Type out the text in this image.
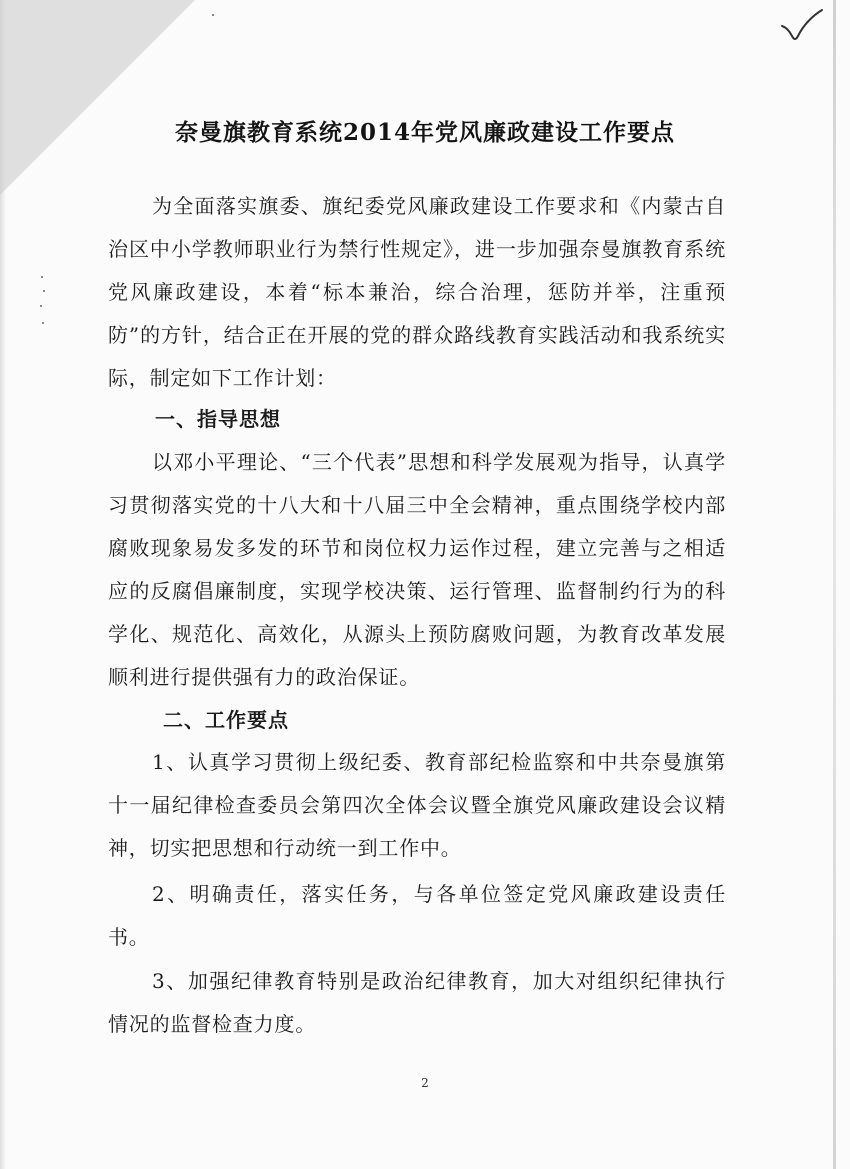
奈曼旗教育系统2014年党风廉政建设工作要点

为全面落实旗委、旗纪委党风廉政建设工作要求和《内蒙古自治区中小学教师职业行为禁行性规定》，进一步加强奈曼旗教育系统党风廉政建设，本着“标本兼治，综合治理，惩防并举，注重预防”的方针，结合正在开展的党的群众路线教育实践活动和我系统实际，制定如下工作计划：

一、指导思想

以邓小平理论、“三个代表”思想和科学发展观为指导，认真学习贯彻落实党的十八大和十八届三中全会精神，重点围绕学校内部腐败现象易发多发的环节和岗位权力运作过程，建立完善与之相适应的反腐倡廉制度，实现学校决策、运行管理、监督制约行为的科学化、规范化、高效化，从源头上预防腐败问题，为教育改革发展顺利进行提供强有力的政治保证。

二、工作要点

1、认真学习贯彻上级纪委、教育部纪检监察和中共奈曼旗第十一届纪律检查委员会第四次全体会议暨全旗党风廉政建设会议精神，切实把思想和行动统一到工作中。

2、明确责任，落实任务，与各单位签定党风廉政建设责任书。

3、加强纪律教育特别是政治纪律教育，加大对组织纪律执行情况的监督检查力度。

2
